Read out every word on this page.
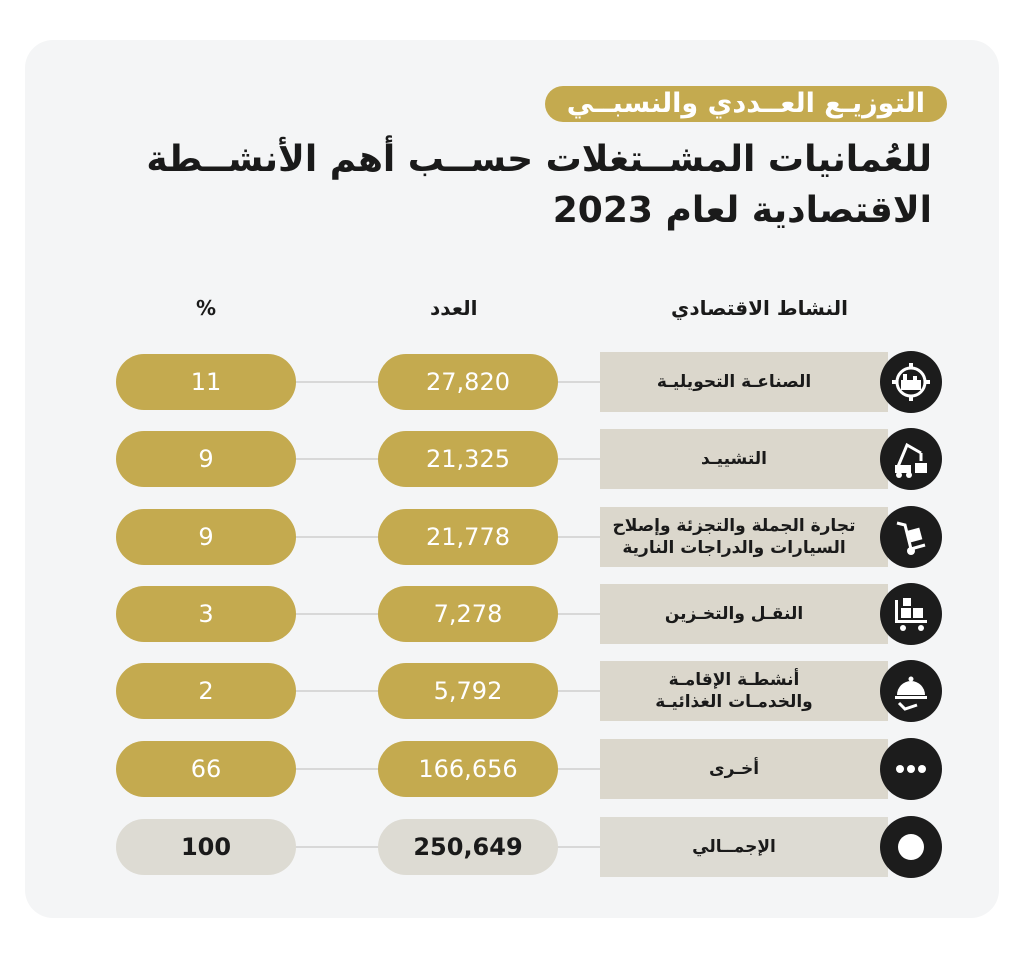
التوزيـع العــددي والنسبــي
للعُمانيات المشــتغلات حســب أهم الأنشــطة
الاقتصادية لعام 2023
النشاط الاقتصادي
العدد
%
الصناعـة التحويليـة
27,820
11
التشييـد
21,325
9
تجارة الجملة والتجزئة وإصلاح
السيارات والدراجات النارية
21,778
9
النقـل والتخـزين
7,278
3
أنشطـة الإقامـة
والخدمـات الغذائيـة
5,792
2
أخـرى
166,656
66
الإجمــالي
250,649
100
